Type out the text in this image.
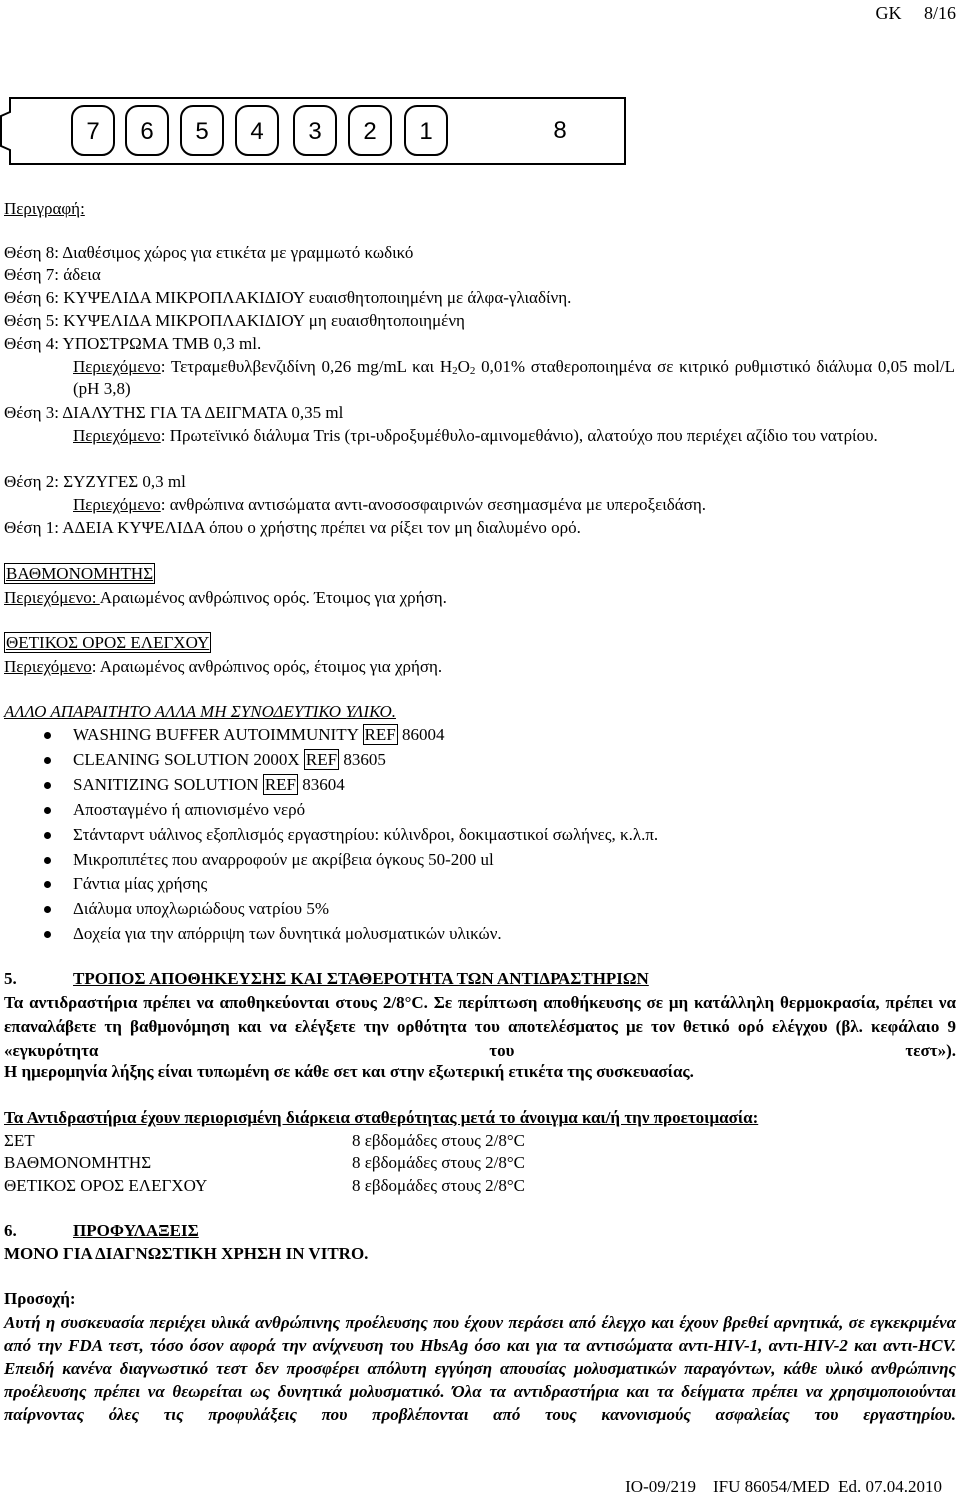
GK 8/16
7 6 5 4 3 2 1	8
Περιγραφή:
Θέση 8: Διαθέσιμος χώρος για ετικέτα με γραμμωτό κωδικό
Θέση 7: άδεια
Θέση 6: ΚΥΨΕΛΙΔΑ ΜΙΚΡΟΠΛΑΚΙΔΙΟΥ ευαισθητοποιημένη με άλφα-γλιαδίνη.
Θέση 5: ΚΥΨΕΛΙΔΑ ΜΙΚΡΟΠΛΑΚΙΔΙΟΥ μη ευαισθητοποιημένη
Θέση 4: ΥΠΟΣΤΡΩΜΑ TMB 0,3 ml.
Περιεχόμενο: Τετραμεθυλβενζιδίνη 0,26 mg/mL και $H_2O_2$ 0,01% σταθεροποιημένα σε κιτρικό ρυθμιστικό διάλυμα 0,05 mol/L (pH 3,8)
Θέση 3: ΔΙΑΛΥΤΗΣ ΓΙΑ ΤΑ ΔΕΙΓΜΑΤΑ 0,35 ml
Περιεχόμενο: Πρωτεϊνικό διάλυμα Tris (τρι-υδροξυμέθυλο-αμινομεθάνιο), αλατούχο που περιέχει αζίδιο του νατρίου.
Θέση 2: ΣΥΖΥΓΕΣ 0,3 ml
Περιεχόμενο: ανθρώπινα αντισώματα αντι-ανοσοσφαιρινών σεσημασμένα με υπεροξειδάση.
Θέση 1: ΑΔΕΙΑ ΚΥΨΕΛΙΔΑ όπου ο χρήστης πρέπει να ρίξει τον μη διαλυμένο ορό.
ΒΑΘΜΟΝΟΜΗΤΗΣ
Περιεχόμενο: Αραιωμένος ανθρώπινος ορός. Έτοιμος για χρήση.
ΘΕΤΙΚΟΣ ΟΡΟΣ ΕΛΕΓΧΟΥ
Περιεχόμενο: Αραιωμένος ανθρώπινος ορός, έτοιμος για χρήση.
ΑΛΛΟ ΑΠΑΡΑΙΤΗΤΟ ΑΛΛΑ ΜΗ ΣΥΝΟΔΕΥΤΙΚΟ ΥΛΙΚΟ.
WASHING BUFFER AUTOIMMUNITY REF 86004
CLEANING SOLUTION 2000X REF 83605
SANITIZING SOLUTION REF 83604
Αποσταγμένο ή απιονισμένο νερό
Στάνταρντ υάλινος εξοπλισμός εργαστηρίου: κύλινδροι, δοκιμαστικοί σωλήνες, κ.λ.π.
Μικροπιπέτες που αναρροφούν με ακρίβεια όγκους 50-200 ul
Γάντια μίας χρήσης
Διάλυμα υποχλωριώδους νατρίου 5%
Δοχεία για την απόρριψη των δυνητικά μολυσματικών υλικών.
5.	ΤΡΟΠΟΣ ΑΠΟΘΗΚΕΥΣΗΣ ΚΑΙ ΣΤΑΘΕΡΟΤΗΤΑ ΤΩΝ ΑΝΤΙΔΡΑΣΤΗΡΙΩΝ
Τα αντιδραστήρια πρέπει να αποθηκεύονται στους 2/8°C. Σε περίπτωση αποθήκευσης σε μη κατάλληλη θερμοκρασία, πρέπει να επαναλάβετε τη βαθμονόμηση και να ελέγξετε την ορθότητα του αποτελέσματος με τον θετικό ορό ελέγχου (βλ. κεφάλαιο 9 «εγκυρότητα του τεστ»).
Η ημερομηνία λήξης είναι τυπωμένη σε κάθε σετ και στην εξωτερική ετικέτα της συσκευασίας.
Τα Αντιδραστήρια έχουν περιορισμένη διάρκεια σταθερότητας μετά το άνοιγμα και/ή την προετοιμασία:
ΣΕΤ	8 εβδομάδες στους 2/8°C
ΒΑΘΜΟΝΟΜΗΤΗΣ	8 εβδομάδες στους 2/8°C
ΘΕΤΙΚΟΣ ΟΡΟΣ ΕΛΕΓΧΟΥ	8 εβδομάδες στους 2/8°C
6.	ΠΡΟΦΥΛΑΞΕΙΣ
ΜΟΝΟ ΓΙΑ ΔΙΑΓΝΩΣΤΙΚΗ ΧΡΗΣΗ IN VITRO.
Προσοχή:
Αυτή η συσκευασία περιέχει υλικά ανθρώπινης προέλευσης που έχουν περάσει από έλεγχο και έχουν βρεθεί αρνητικά, σε εγκεκριμένα από την FDA τεστ, τόσο όσον αφορά την ανίχνευση του HbsAg όσο και για τα αντισώματα αντι-HIV-1, αντι-HIV-2 και αντι-HCV. Επειδή κανένα διαγνωστικό τεστ δεν προσφέρει απόλυτη εγγύηση απουσίας μολυσματικών παραγόντων, κάθε υλικό ανθρώπινης προέλευσης πρέπει να θεωρείται ως δυνητικά μολυσματικό. Όλα τα αντιδραστήρια και τα δείγματα πρέπει να χρησιμοποιούνται παίρνοντας όλες τις προφυλάξεις που προβλέπονται από τους κανονισμούς ασφαλείας του εργαστηρίου.
IO-09/219    IFU 86054/MED  Ed. 07.04.2010
